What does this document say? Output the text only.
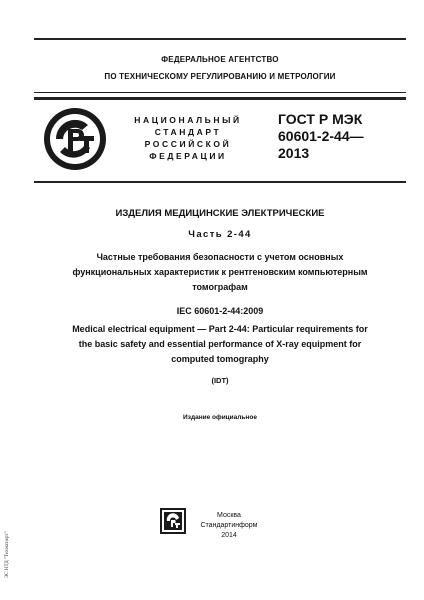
ФЕДЕРАЛЬНОЕ АГЕНТСТВО
ПО ТЕХНИЧЕСКОМУ РЕГУЛИРОВАНИЮ И МЕТРОЛОГИИ
НАЦИОНАЛЬНЫЙ
СТАНДАРТ
РОССИЙСКОЙ
ФЕДЕРАЦИИ
ГОСТ Р МЭК
60601-2-44—
2013
ИЗДЕЛИЯ МЕДИЦИНСКИЕ ЭЛЕКТРИЧЕСКИЕ
Часть 2-44
Частные требования безопасности с учетом основных
функциональных характеристик к рентгеновским компьютерным
томографам
IEC 60601-2-44:2009
Medical electrical equipment — Part 2-44: Particular requirements for
the basic safety and essential performance of X-ray equipment for
computed tomography
(IDT)
Издание официальное
Москва
Стандартинформ
2014
ЭС НТД "Техэксперт"
